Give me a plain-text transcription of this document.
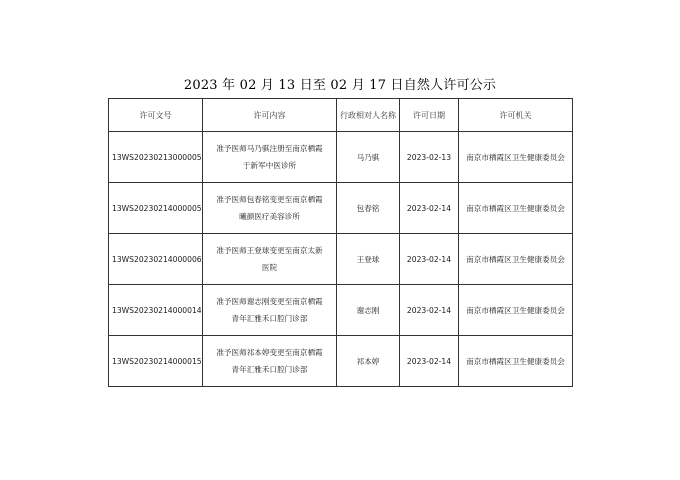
2023 年 02 月 13 日至 02 月 17 日自然人许可公示
许可文号	许可内容	行政相对人名称	许可日期	许可机关
13WS20230213000005	准予医师马乃骐注册至南京栖霞
于新军中医诊所	马乃骐	2023-02-13	南京市栖霞区卫生健康委员会
13WS20230214000005	准予医师包春铭变更至南京栖霞
曦颜医疗美容诊所	包春铭	2023-02-14	南京市栖霞区卫生健康委员会
13WS20230214000006	准予医师王登球变更至南京太新
医院	王登球	2023-02-14	南京市栖霞区卫生健康委员会
13WS20230214000014	准予医师谢志刚变更至南京栖霞
青年汇雅禾口腔门诊部	谢志刚	2023-02-14	南京市栖霞区卫生健康委员会
13WS20230214000015	准予医师祁本婷变更至南京栖霞
青年汇雅禾口腔门诊部	祁本婷	2023-02-14	南京市栖霞区卫生健康委员会
